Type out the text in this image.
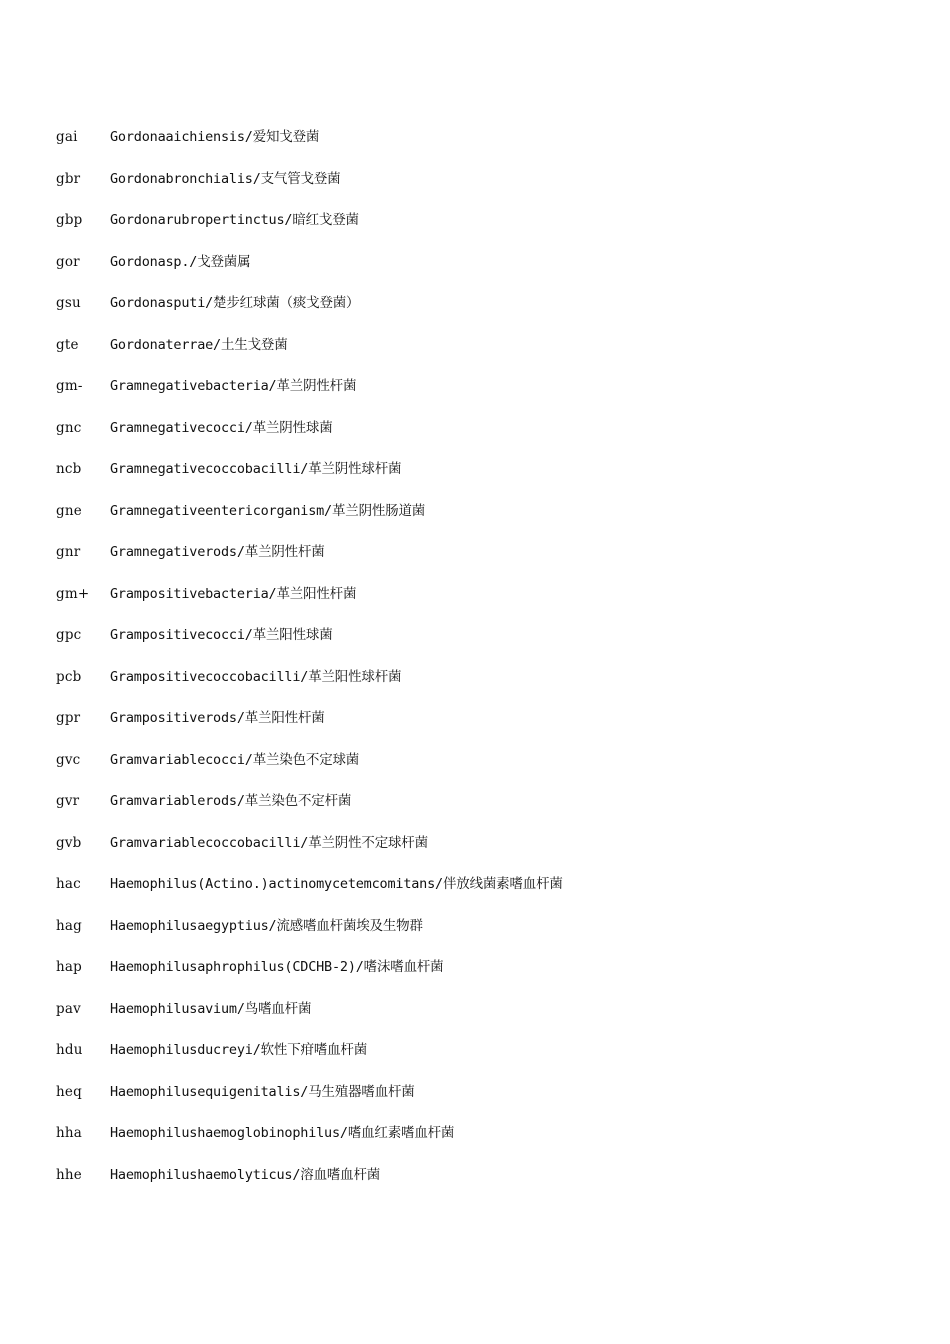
gai Gordonaaichiensis/爱知戈登菌
gbr Gordonabronchialis/支气管戈登菌
gbp Gordonarubropertinctus/暗红戈登菌
gor Gordonasp./戈登菌属
gsu Gordonasputi/楚步红球菌（痰戈登菌）
gte Gordonaterrae/土生戈登菌
gm- Gramnegativebacteria/革兰阴性杆菌
gnc Gramnegativecocci/革兰阴性球菌
ncb Gramnegativecoccobacilli/革兰阴性球杆菌
gne Gramnegativeentericorganism/革兰阴性肠道菌
gnr Gramnegativerods/革兰阴性杆菌
gm+ Grampositivebacteria/革兰阳性杆菌
gpc Grampositivecocci/革兰阳性球菌
pcb Grampositivecoccobacilli/革兰阳性球杆菌
gpr Grampositiverods/革兰阳性杆菌
gvc Gramvariablecocci/革兰染色不定球菌
gvr Gramvariablerods/革兰染色不定杆菌
gvb Gramvariablecoccobacilli/革兰阴性不定球杆菌
hac Haemophilus(Actino.)actinomycetemcomitans/伴放线菌素嗜血杆菌
hag Haemophilusaegyptius/流感嗜血杆菌埃及生物群
hap Haemophilusaphrophilus(CDCHB-2)/嗜沫嗜血杆菌
pav Haemophilusavium/鸟嗜血杆菌
hdu Haemophilusducreyi/软性下疳嗜血杆菌
heq Haemophilusequigenitalis/马生殖器嗜血杆菌
hha Haemophilushaemoglobinophilus/嗜血红素嗜血杆菌
hhe Haemophilushaemolyticus/溶血嗜血杆菌
